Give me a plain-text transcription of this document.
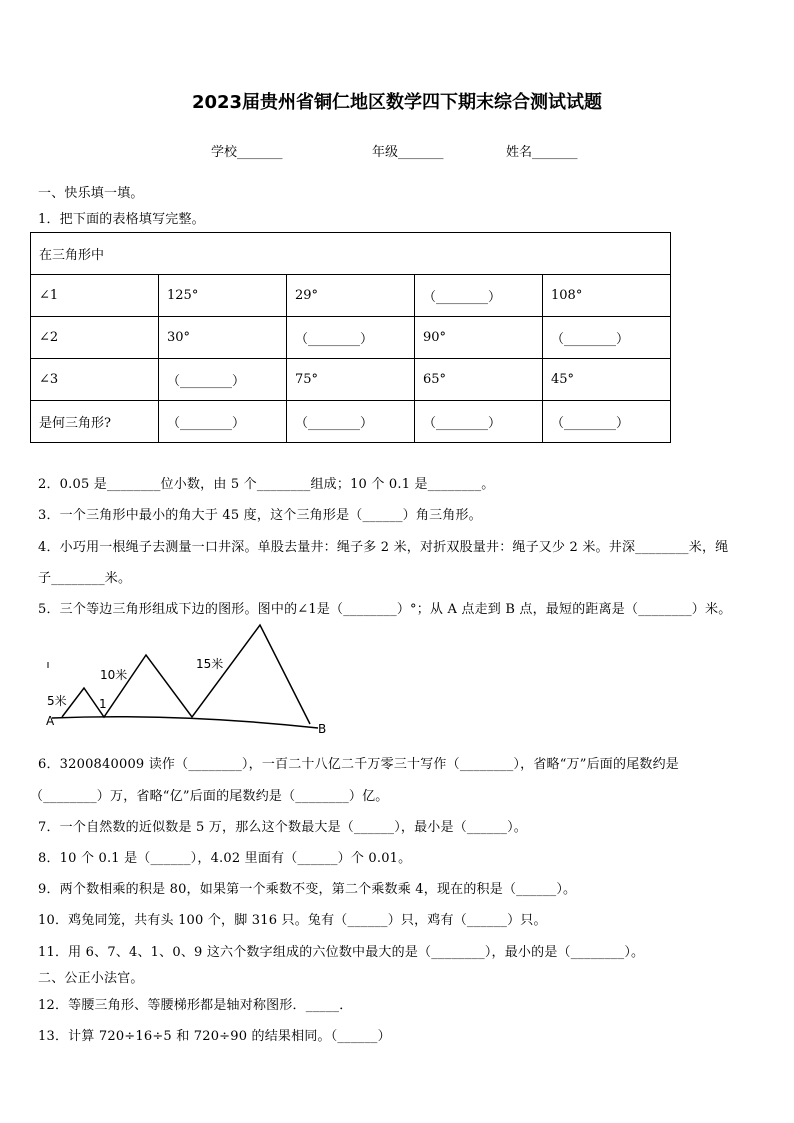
2023届贵州省铜仁地区数学四下期末综合测试试题
学校_______	年级_______	姓名_______
一、快乐填一填。
1．把下面的表格填写完整。
在三角形中				
∠1	125°	29°	（________）	108°
∠2	30°	（________）	90°	（________）
∠3	（________）	75°	65°	45°
是何三角形?	（________）	（________）	（________）	（________）
2．0.05 是________位小数，由 5 个________组成；10 个 0.1 是________。
3．一个三角形中最小的角大于 45 度，这个三角形是（______）角三角形。
4．小巧用一根绳子去测量一口井深。单股去量井：绳子多 2 米，对折双股量井：绳子又少 2 米。井深________米，绳
子________米。
5．三个等边三角形组成下边的图形。图中的∠1是（________）°；从 A 点走到 B 点，最短的距离是（________）米。
A
B
5米
10米
15米
1
6．3200840009 读作（________），一百二十八亿二千万零三十写作（________），省略“万”后面的尾数约是
（________）万，省略“亿”后面的尾数约是（________）亿。
7．一个自然数的近似数是 5 万，那么这个数最大是（______），最小是（______）。
8．10 个 0.1 是（______），4.02 里面有（______）个 0.01。
9．两个数相乘的积是 80，如果第一个乘数不变，第二个乘数乘 4，现在的积是（______）。
10．鸡兔同笼，共有头 100 个，脚 316 只。兔有（______）只，鸡有（______）只。
11．用 6、7、4、1、0、9 这六个数字组成的六位数中最大的是（________），最小的是（________）。
二、公正小法官。
12．等腰三角形、等腰梯形都是轴对称图形．_____．
13．计算 720÷16÷5 和 720÷90 的结果相同。（______）
